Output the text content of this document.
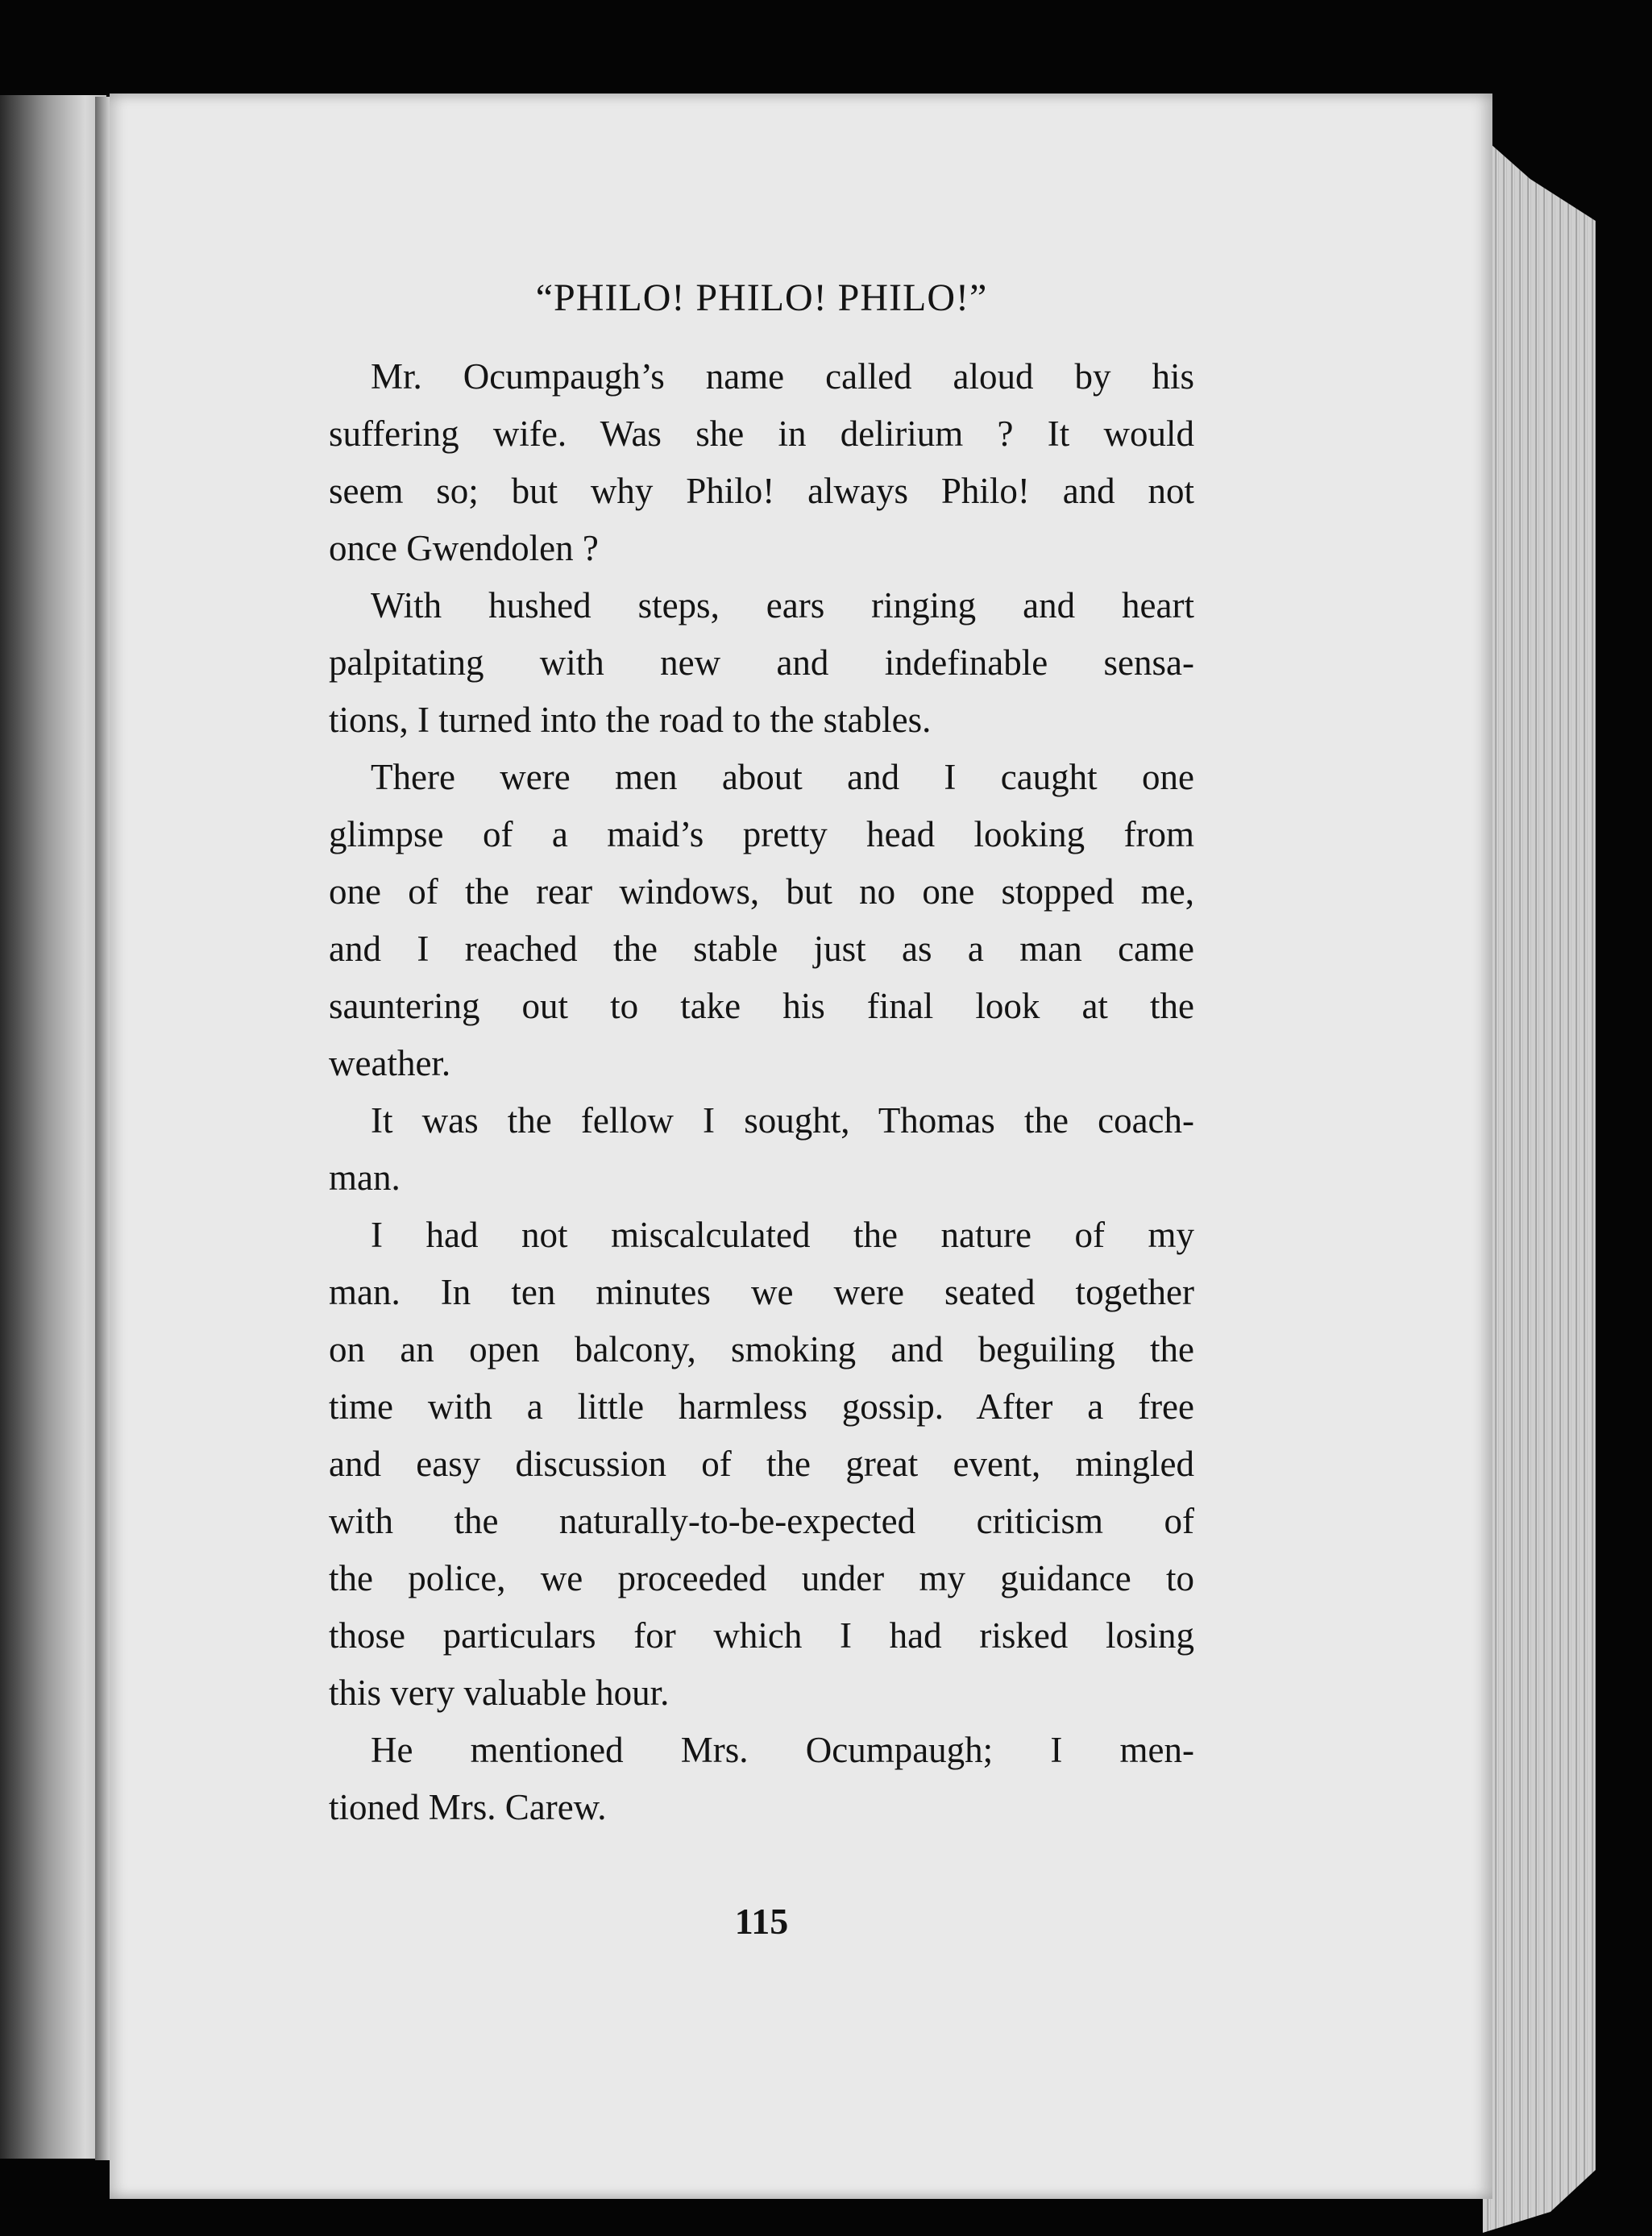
“PHILO! PHILO! PHILO!”
Mr. Ocumpaugh’s name called aloud by his
suffering wife. Was she in delirium ? It would
seem so; but why Philo! always Philo! and not
once Gwendolen ?
With hushed steps, ears ringing and heart
palpitating with new and indefinable sensa-
tions, I turned into the road to the stables.
There were men about and I caught one
glimpse of a maid’s pretty head looking from
one of the rear windows, but no one stopped me,
and I reached the stable just as a man came
sauntering out to take his final look at the
weather.
It was the fellow I sought, Thomas the coach-
man.
I had not miscalculated the nature of my
man. In ten minutes we were seated together
on an open balcony, smoking and beguiling the
time with a little harmless gossip. After a free
and easy discussion of the great event, mingled
with the naturally-to-be-expected criticism of
the police, we proceeded under my guidance to
those particulars for which I had risked losing
this very valuable hour.
He mentioned Mrs. Ocumpaugh; I men-
tioned Mrs. Carew.
115
